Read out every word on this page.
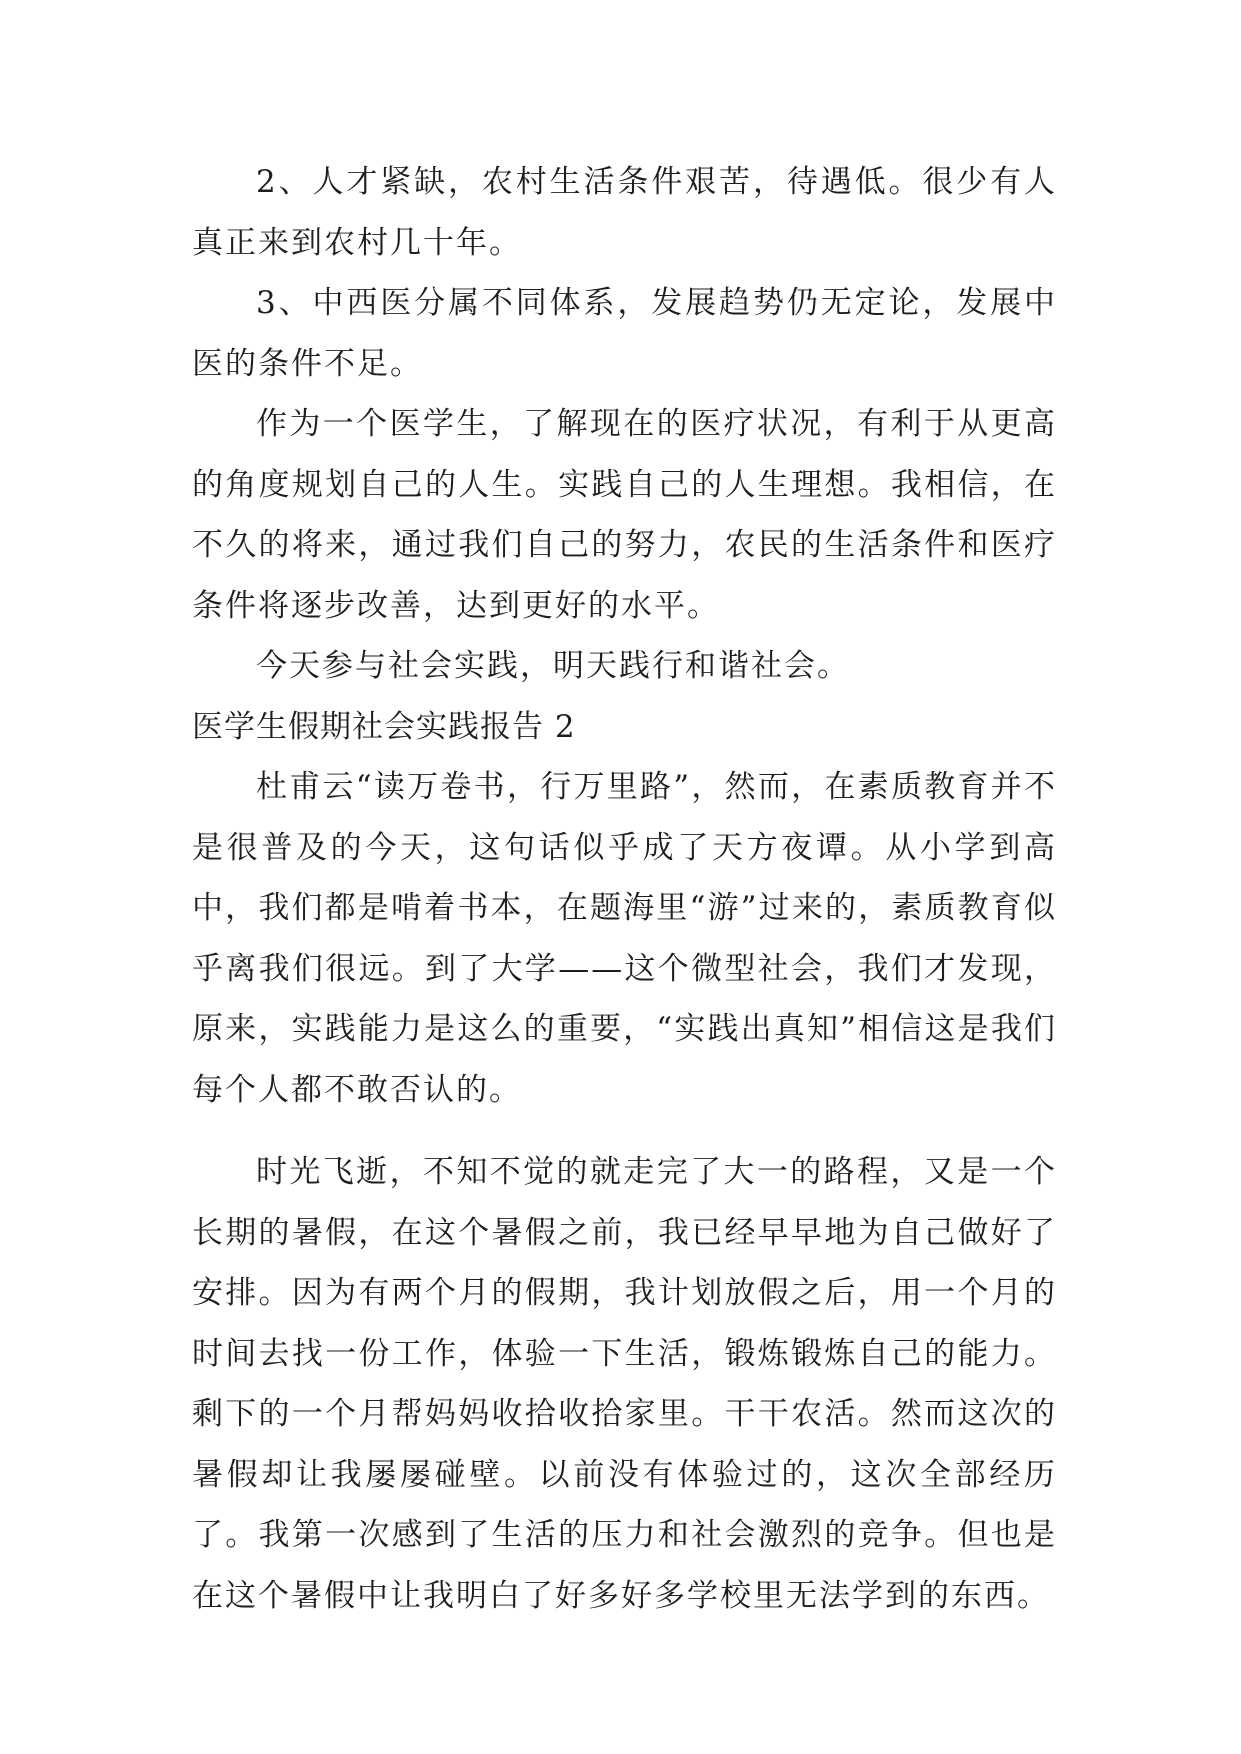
2、人才紧缺，农村生活条件艰苦，待遇低。很少有人真正来到农村几十年。

3、中西医分属不同体系，发展趋势仍无定论，发展中医的条件不足。

作为一个医学生，了解现在的医疗状况，有利于从更高的角度规划自己的人生。实践自己的人生理想。我相信，在不久的将来，通过我们自己的努力，农民的生活条件和医疗条件将逐步改善，达到更好的水平。

今天参与社会实践，明天践行和谐社会。

医学生假期社会实践报告 2

杜甫云“读万卷书，行万里路”，然而，在素质教育并不是很普及的今天，这句话似乎成了天方夜谭。从小学到高中，我们都是啃着书本，在题海里“游”过来的，素质教育似乎离我们很远。到了大学——这个微型社会，我们才发现，原来，实践能力是这么的重要，“实践出真知”相信这是我们每个人都不敢否认的。

时光飞逝，不知不觉的就走完了大一的路程，又是一个长期的暑假，在这个暑假之前，我已经早早地为自己做好了安排。因为有两个月的假期，我计划放假之后，用一个月的时间去找一份工作，体验一下生活，锻炼锻炼自己的能力。剩下的一个月帮妈妈收拾收拾家里。干干农活。然而这次的暑假却让我屡屡碰壁。以前没有体验过的，这次全部经历了。我第一次感到了生活的压力和社会激烈的竞争。但也是在这个暑假中让我明白了好多好多学校里无法学到的东西。
